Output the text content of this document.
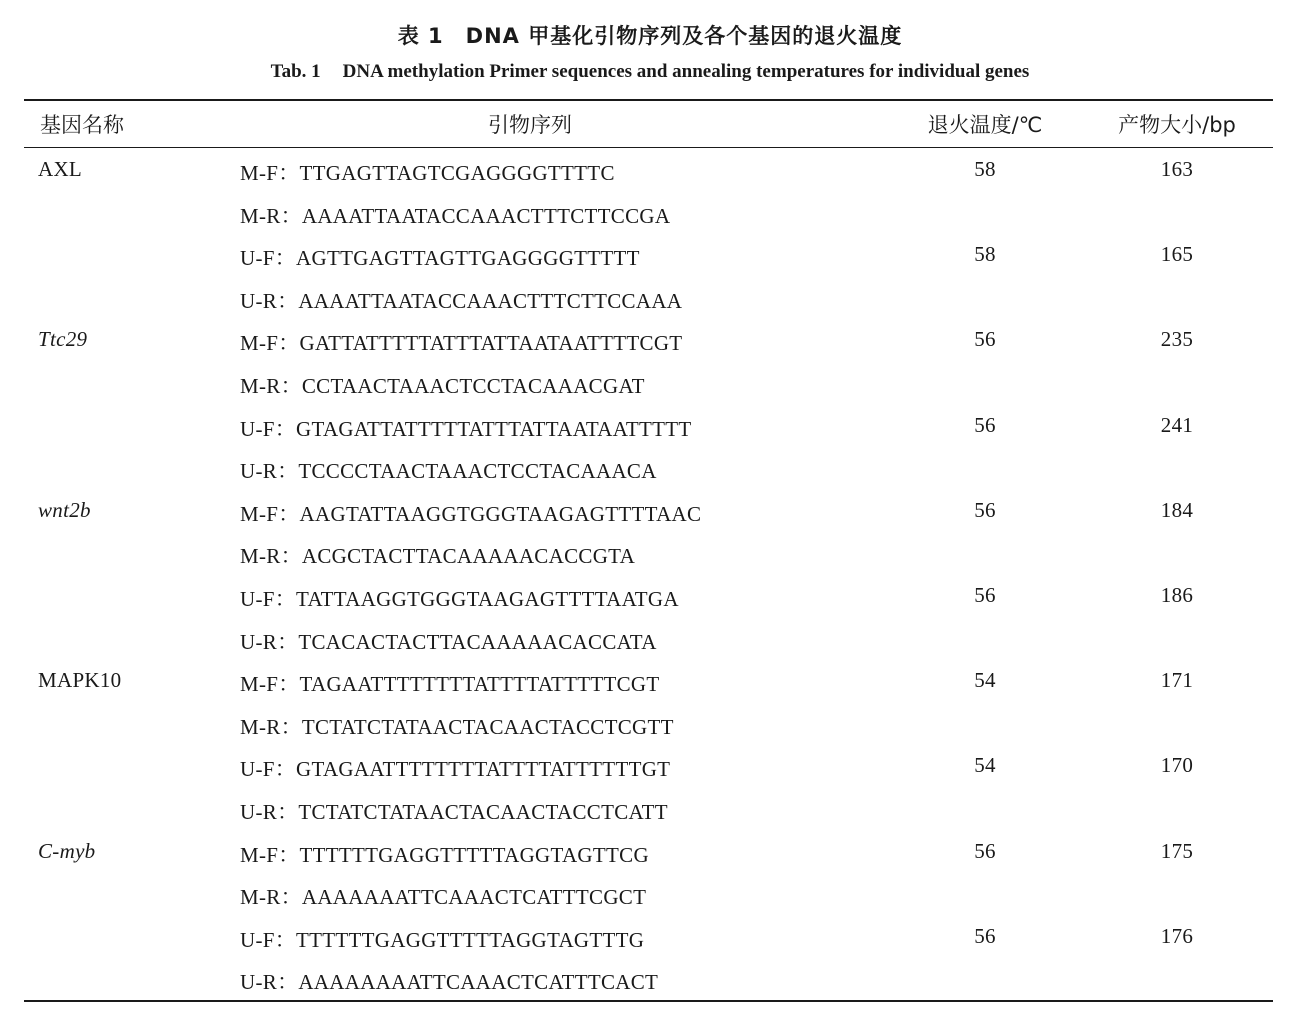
表 1 DNA 甲基化引物序列及各个基因的退火温度
Tab. 1 DNA methylation Primer sequences and annealing temperatures for individual genes
基因名称	引物序列	退火温度/℃	产物大小/bp
AXL	M-F：TTGAGTTAGTCGAGGGGTTTTC	58	163
M-R：AAAATTAATACCAAACTTTCTTCCGA
U-F：AGTTGAGTTAGTTGAGGGGTTTTT	58	165
U-R：AAAATTAATACCAAACTTTCTTCCAAA
Ttc29	M-F：GATTATTTTTATTTATTAATAATTTTCGT	56	235
M-R：CCTAACTAAACTCCTACAAACGAT
U-F：GTAGATTATTTTTATTTATTAATAATTTTT	56	241
U-R：TCCCCTAACTAAACTCCTACAAACA
wnt2b	M-F：AAGTATTAAGGTGGGTAAGAGTTTTAAC	56	184
M-R：ACGCTACTTACAAAAACACCGTA
U-F：TATTAAGGTGGGTAAGAGTTTTAATGA	56	186
U-R：TCACACTACTTACAAAAACACCATA
MAPK10	M-F：TAGAATTTTTTTTATTTTATTTTTCGT	54	171
M-R：TCTATCTATAACTACAACTACCTCGTT
U-F：GTAGAATTTTTTTTATTTTATTTTTTGT	54	170
U-R：TCTATCTATAACTACAACTACCTCATT
C-myb	M-F：TTTTTTGAGGTTTTTAGGTAGTTCG	56	175
M-R：AAAAAAATTCAAACTCATTTCGCT
U-F：TTTTTTGAGGTTTTTAGGTAGTTTG	56	176
U-R：AAAAAAAATTCAAACTCATTTCACT
